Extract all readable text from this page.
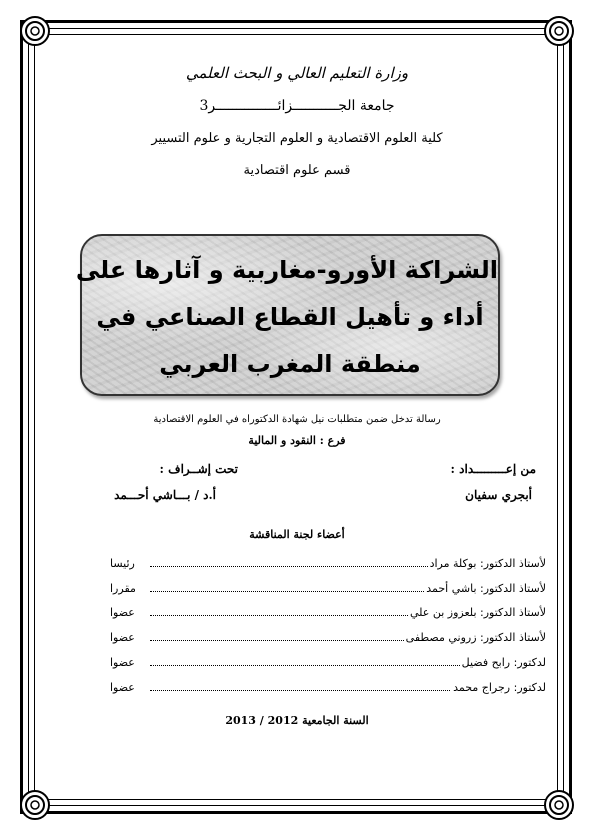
وزارة التعليم العالي و البحث العلمي
جامعة الجـــــــــــزائـــــــــــــــر3
كلية العلوم الاقتصادية و العلوم التجارية و علوم التسيير
قسم علوم اقتصادية
الشراكة الأورو-مغاربية و آثارها على
أداء و تأهيل القطاع الصناعي في
منطقة المغرب العربي
رسالة تدخل ضمن متطلبات نيل شهادة الدكتوراه في العلوم الاقتصادية
فرع : النقود و المالية
من إعـــــــــداد :
تحت إشــراف :
أبجري سفيان
أ.د / بـــاشي أحـــمد
أعضاء لجنة المناقشة
لأستاذ الدكتور: بوكلة مراد
رئيسا
لأستاذ الدكتور: باشي أحمد
مقررا
لأستاذ الدكتور: بلعزوز بن علي
عضوا
لأستاذ الدكتور: زروني مصطفى
عضوا
لدكتور: رابح فضيل
عضوا
لدكتور: رجراج محمد
عضوا
السنة الجامعية 2012 / 2013
